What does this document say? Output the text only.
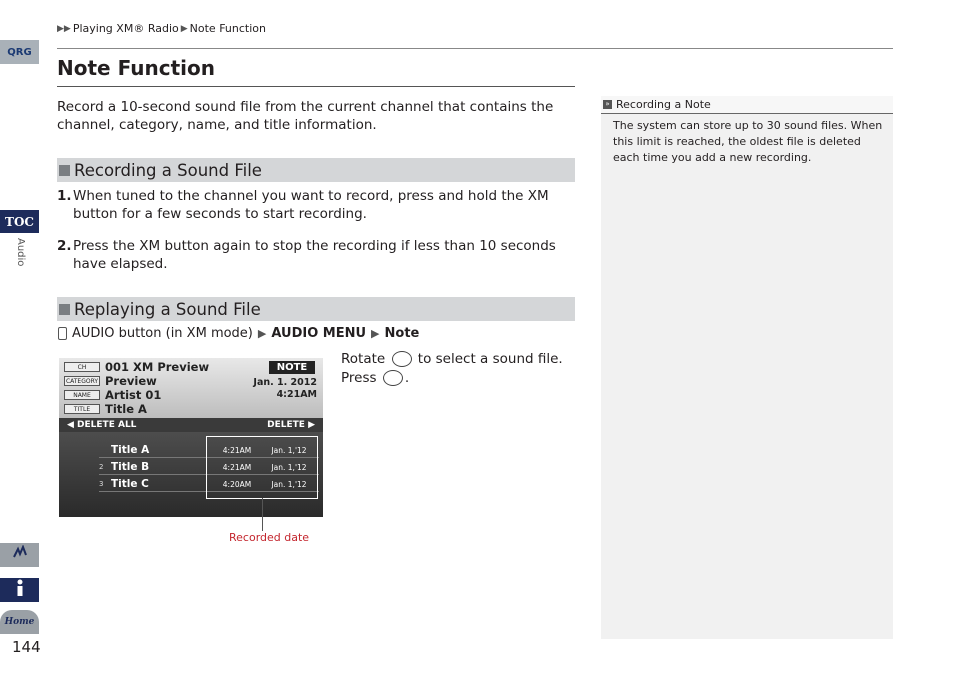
QRG
TOC
Audio
Home
144
▶▶ Playing XM® Radio ▶ Note Function
Note Function
Record a 10-second sound file from the current channel that contains the channel, category, name, and title information.
Recording a Sound File
1. When tuned to the channel you want to record, press and hold the XM button for a few seconds to start recording.
2. Press the XM button again to stop the recording if less than 10 seconds have elapsed.
Replaying a Sound File
AUDIO button (in XM mode) ▶ AUDIO MENU ▶ Note
Rotate to select a sound file.
Press .
CH
CATEGORY
NAME
TITLE
001 XM Preview
Preview
Artist 01
Title A
NOTE
Jan. 1. 2012
4:21AM
◀ DELETE ALL	DELETE ▶
Title A	4:21AM	Jan. 1,'12
2 Title B	4:21AM	Jan. 1,'12
3 Title C	4:20AM	Jan. 1,'12
Recorded date
» Recording a Note
The system can store up to 30 sound files. When this limit is reached, the oldest file is deleted each time you add a new recording.
